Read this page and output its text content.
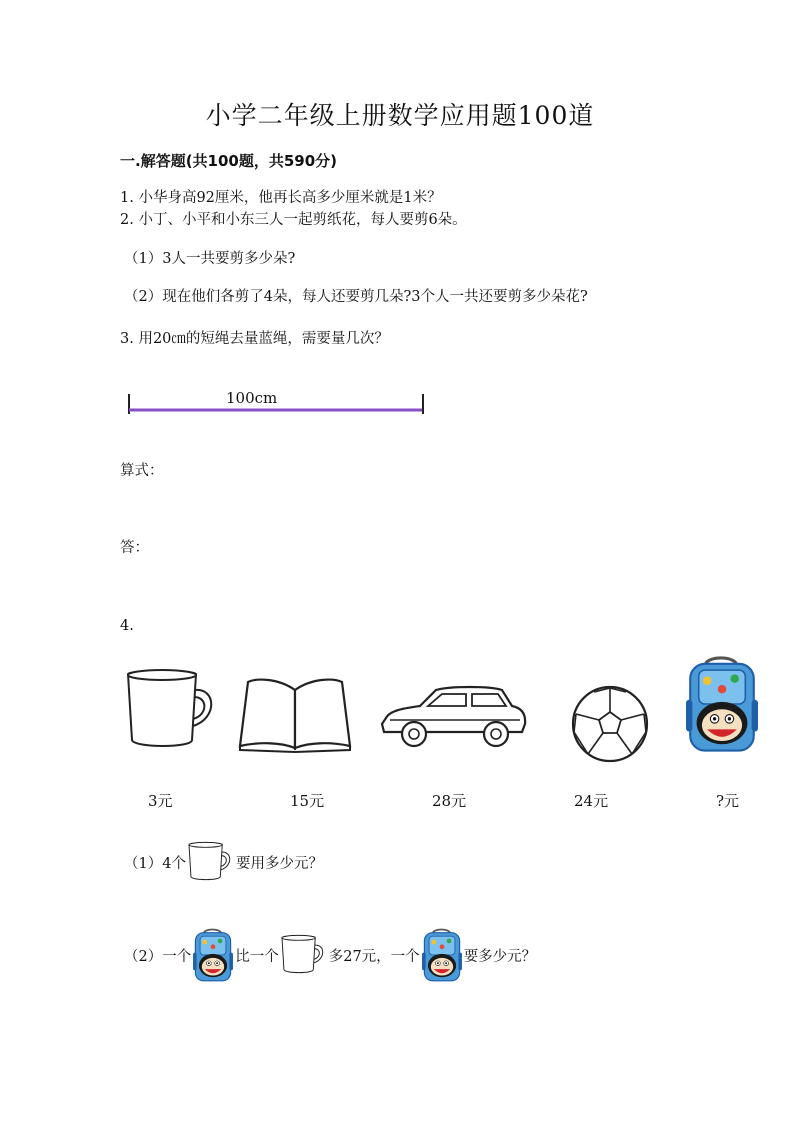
小学二年级上册数学应用题100道
一.解答题(共100题，共590分)
1. 小华身高92厘米，他再长高多少厘米就是1米？
2. 小丁、小平和小东三人一起剪纸花，每人要剪6朵。
（1）3人一共要剪多少朵?
（2）现在他们各剪了4朵，每人还要剪几朵?3个人一共还要剪多少朵花?
3. 用20㎝的短绳去量蓝绳，需要量几次？
100cm
算式：
答：
4.
3元	15元	28元	24元	?元
（1）4个	要用多少元？
（2）一个	比一个	多27元，一个	要多少元？
